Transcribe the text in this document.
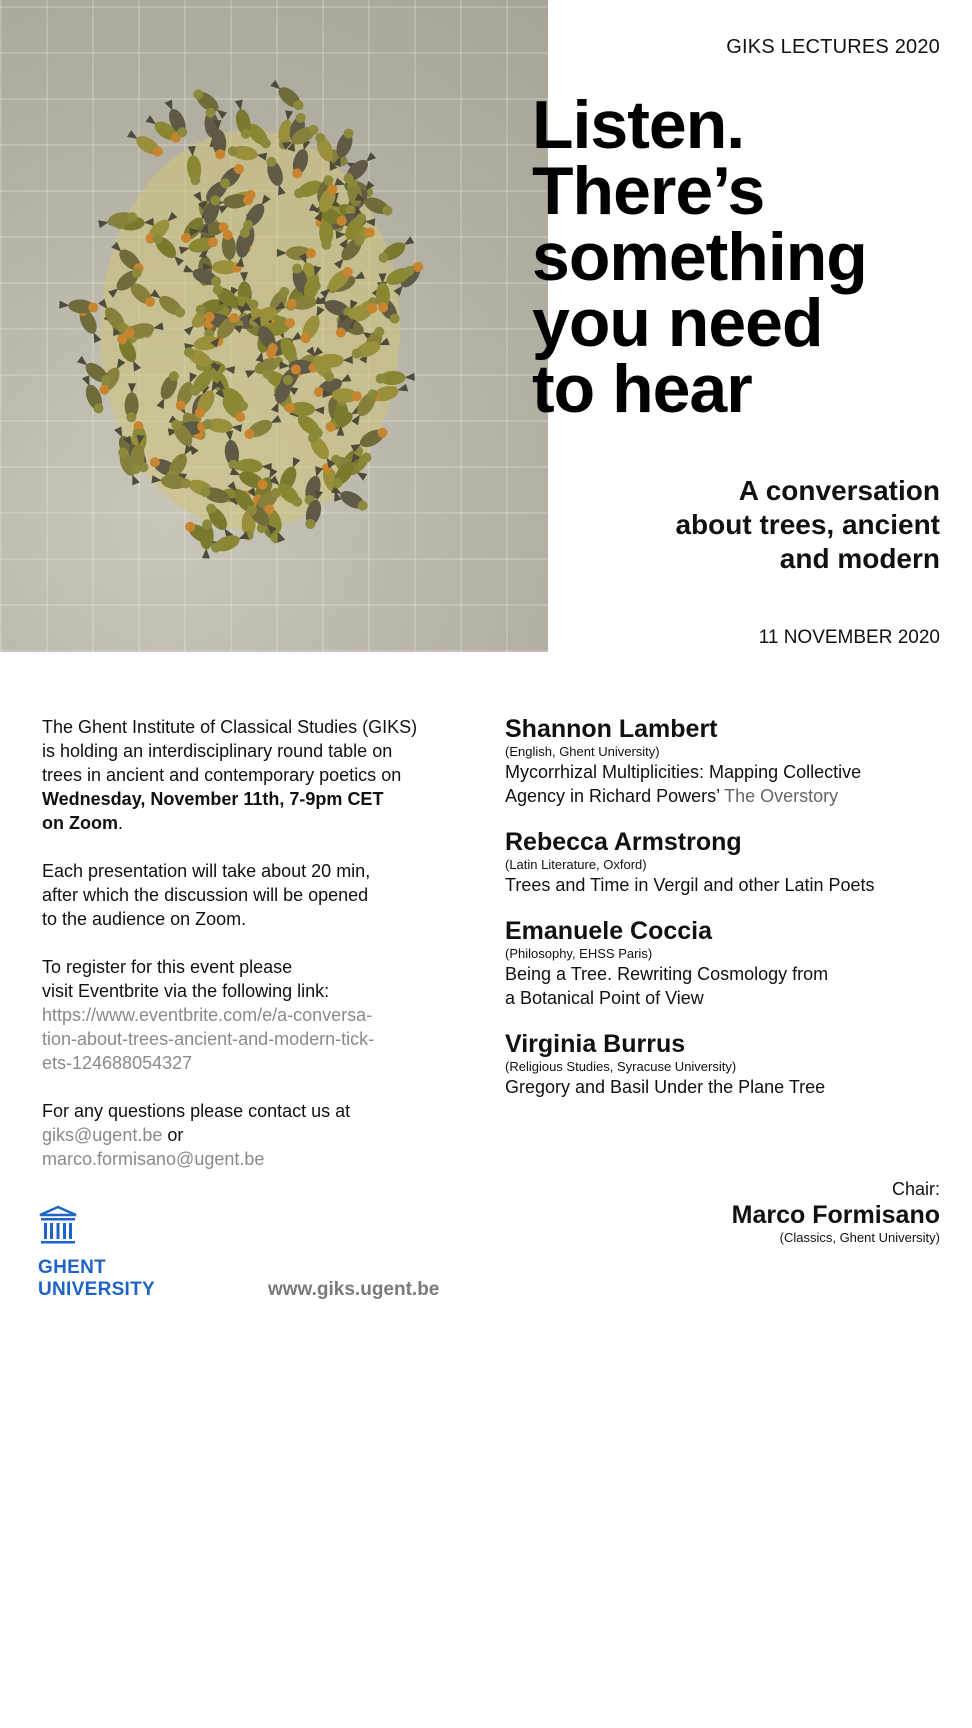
GIKS LECTURES 2020
Listen.
There’s
something
you need
to hear
A conversation
about trees, ancient
and modern
11 NOVEMBER 2020
The Ghent Institute of Classical Studies (GIKS)
is holding an interdisciplinary round table on
trees in ancient and contemporary poetics on
Wednesday, November 11th, 7-9pm CET
on Zoom.
Each presentation will take about 20 min,
after which the discussion will be opened
to the audience on Zoom.
To register for this event please
visit Eventbrite via the following link:
https://www.eventbrite.com/e/a-conversa-
tion-about-trees-ancient-and-modern-tick-
ets-124688054327
For any questions please contact us at
giks@ugent.be or
marco.formisano@ugent.be
Shannon Lambert
(English, Ghent University)
Mycorrhizal Multiplicities: Mapping Collective
Agency in Richard Powers’ The Overstory
Rebecca Armstrong
(Latin Literature, Oxford)
Trees and Time in Vergil and other Latin Poets
Emanuele Coccia
(Philosophy, EHSS Paris)
Being a Tree. Rewriting Cosmology from
a Botanical Point of View
Virginia Burrus
(Religious Studies, Syracuse University)
Gregory and Basil Under the Plane Tree
Chair:
Marco Formisano
(Classics, Ghent University)
GHENT
UNIVERSITY	www.giks.ugent.be
